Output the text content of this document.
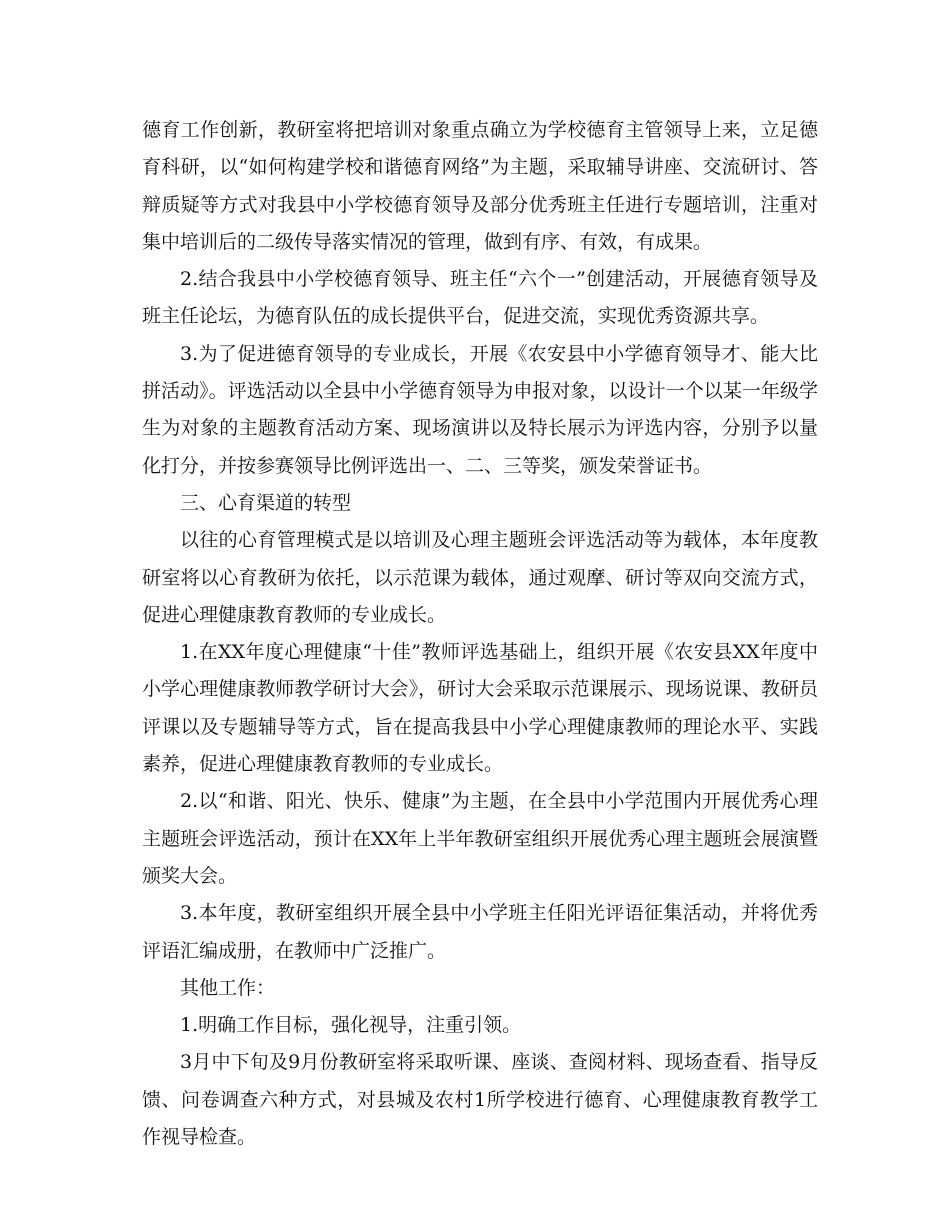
德育工作创新，教研室将把培训对象重点确立为学校德育主管领导上来，立足德育科研，以“如何构建学校和谐德育网络”为主题，采取辅导讲座、交流研讨、答辩质疑等方式对我县中小学校德育领导及部分优秀班主任进行专题培训，注重对集中培训后的二级传导落实情况的管理，做到有序、有效，有成果。

2.结合我县中小学校德育领导、班主任“六个一”创建活动，开展德育领导及班主任论坛，为德育队伍的成长提供平台，促进交流，实现优秀资源共享。

3.为了促进德育领导的专业成长，开展《农安县中小学德育领导才、能大比拼活动》。评选活动以全县中小学德育领导为申报对象，以设计一个以某一年级学生为对象的主题教育活动方案、现场演讲以及特长展示为评选内容，分别予以量化打分，并按参赛领导比例评选出一、二、三等奖，颁发荣誉证书。

三、心育渠道的转型

以往的心育管理模式是以培训及心理主题班会评选活动等为载体，本年度教研室将以心育教研为依托，以示范课为载体，通过观摩、研讨等双向交流方式，促进心理健康教育教师的专业成长。

1.在XX年度心理健康“十佳”教师评选基础上，组织开展《农安县XX年度中小学心理健康教师教学研讨大会》，研讨大会采取示范课展示、现场说课、教研员评课以及专题辅导等方式，旨在提高我县中小学心理健康教师的理论水平、实践素养，促进心理健康教育教师的专业成长。

2.以“和谐、阳光、快乐、健康”为主题，在全县中小学范围内开展优秀心理主题班会评选活动，预计在XX年上半年教研室组织开展优秀心理主题班会展演暨颁奖大会。

3.本年度，教研室组织开展全县中小学班主任阳光评语征集活动，并将优秀评语汇编成册，在教师中广泛推广。

其他工作：

1.明确工作目标，强化视导，注重引领。

3月中下旬及9月份教研室将采取听课、座谈、查阅材料、现场查看、指导反馈、问卷调查六种方式，对县城及农村1所学校进行德育、心理健康教育教学工作视导检查。
